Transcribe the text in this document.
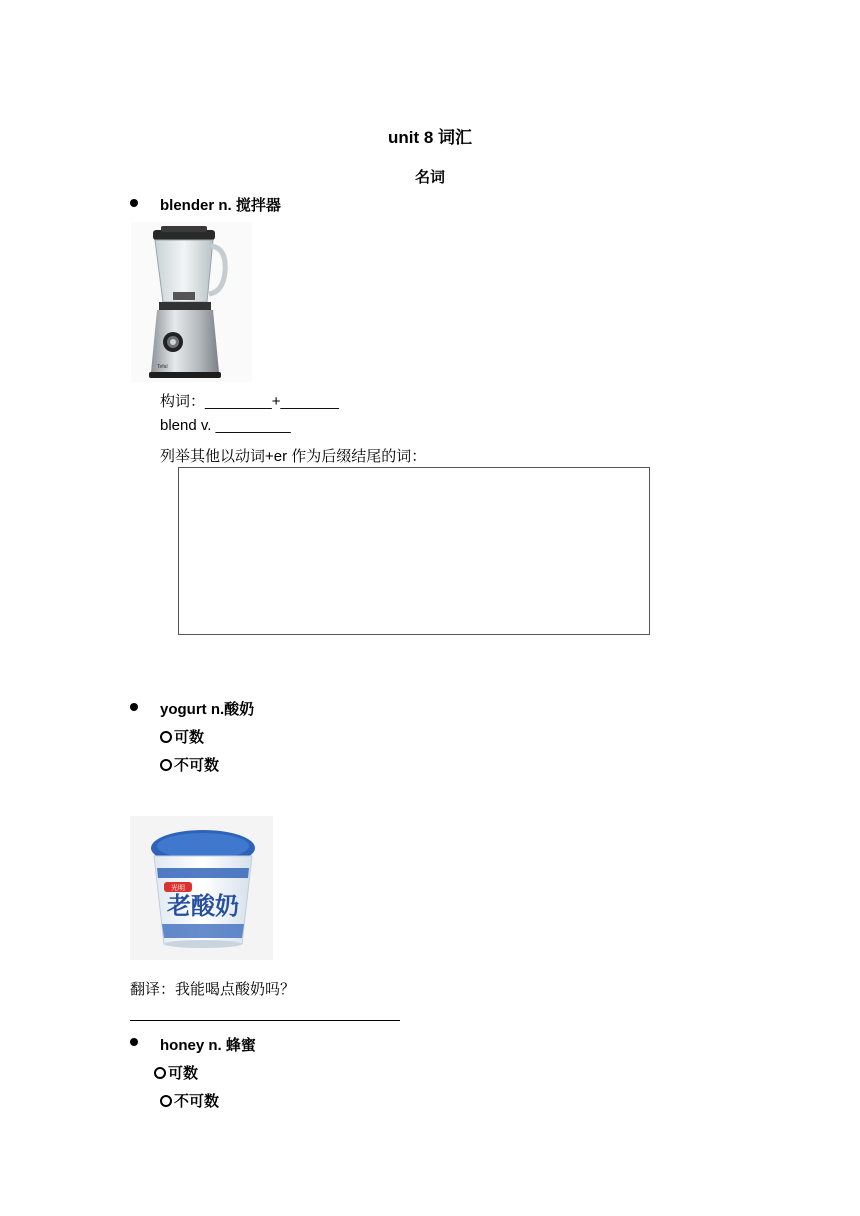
unit 8 词汇
名词
blender n. 搅拌器
Tefal
构词：________+_______
blend v. _________
列举其他以动词+er 作为后缀结尾的词：
yogurt n.酸奶
可数
不可数
老酸奶
光明
翻译：我能喝点酸奶吗？
honey n. 蜂蜜
可数
不可数
